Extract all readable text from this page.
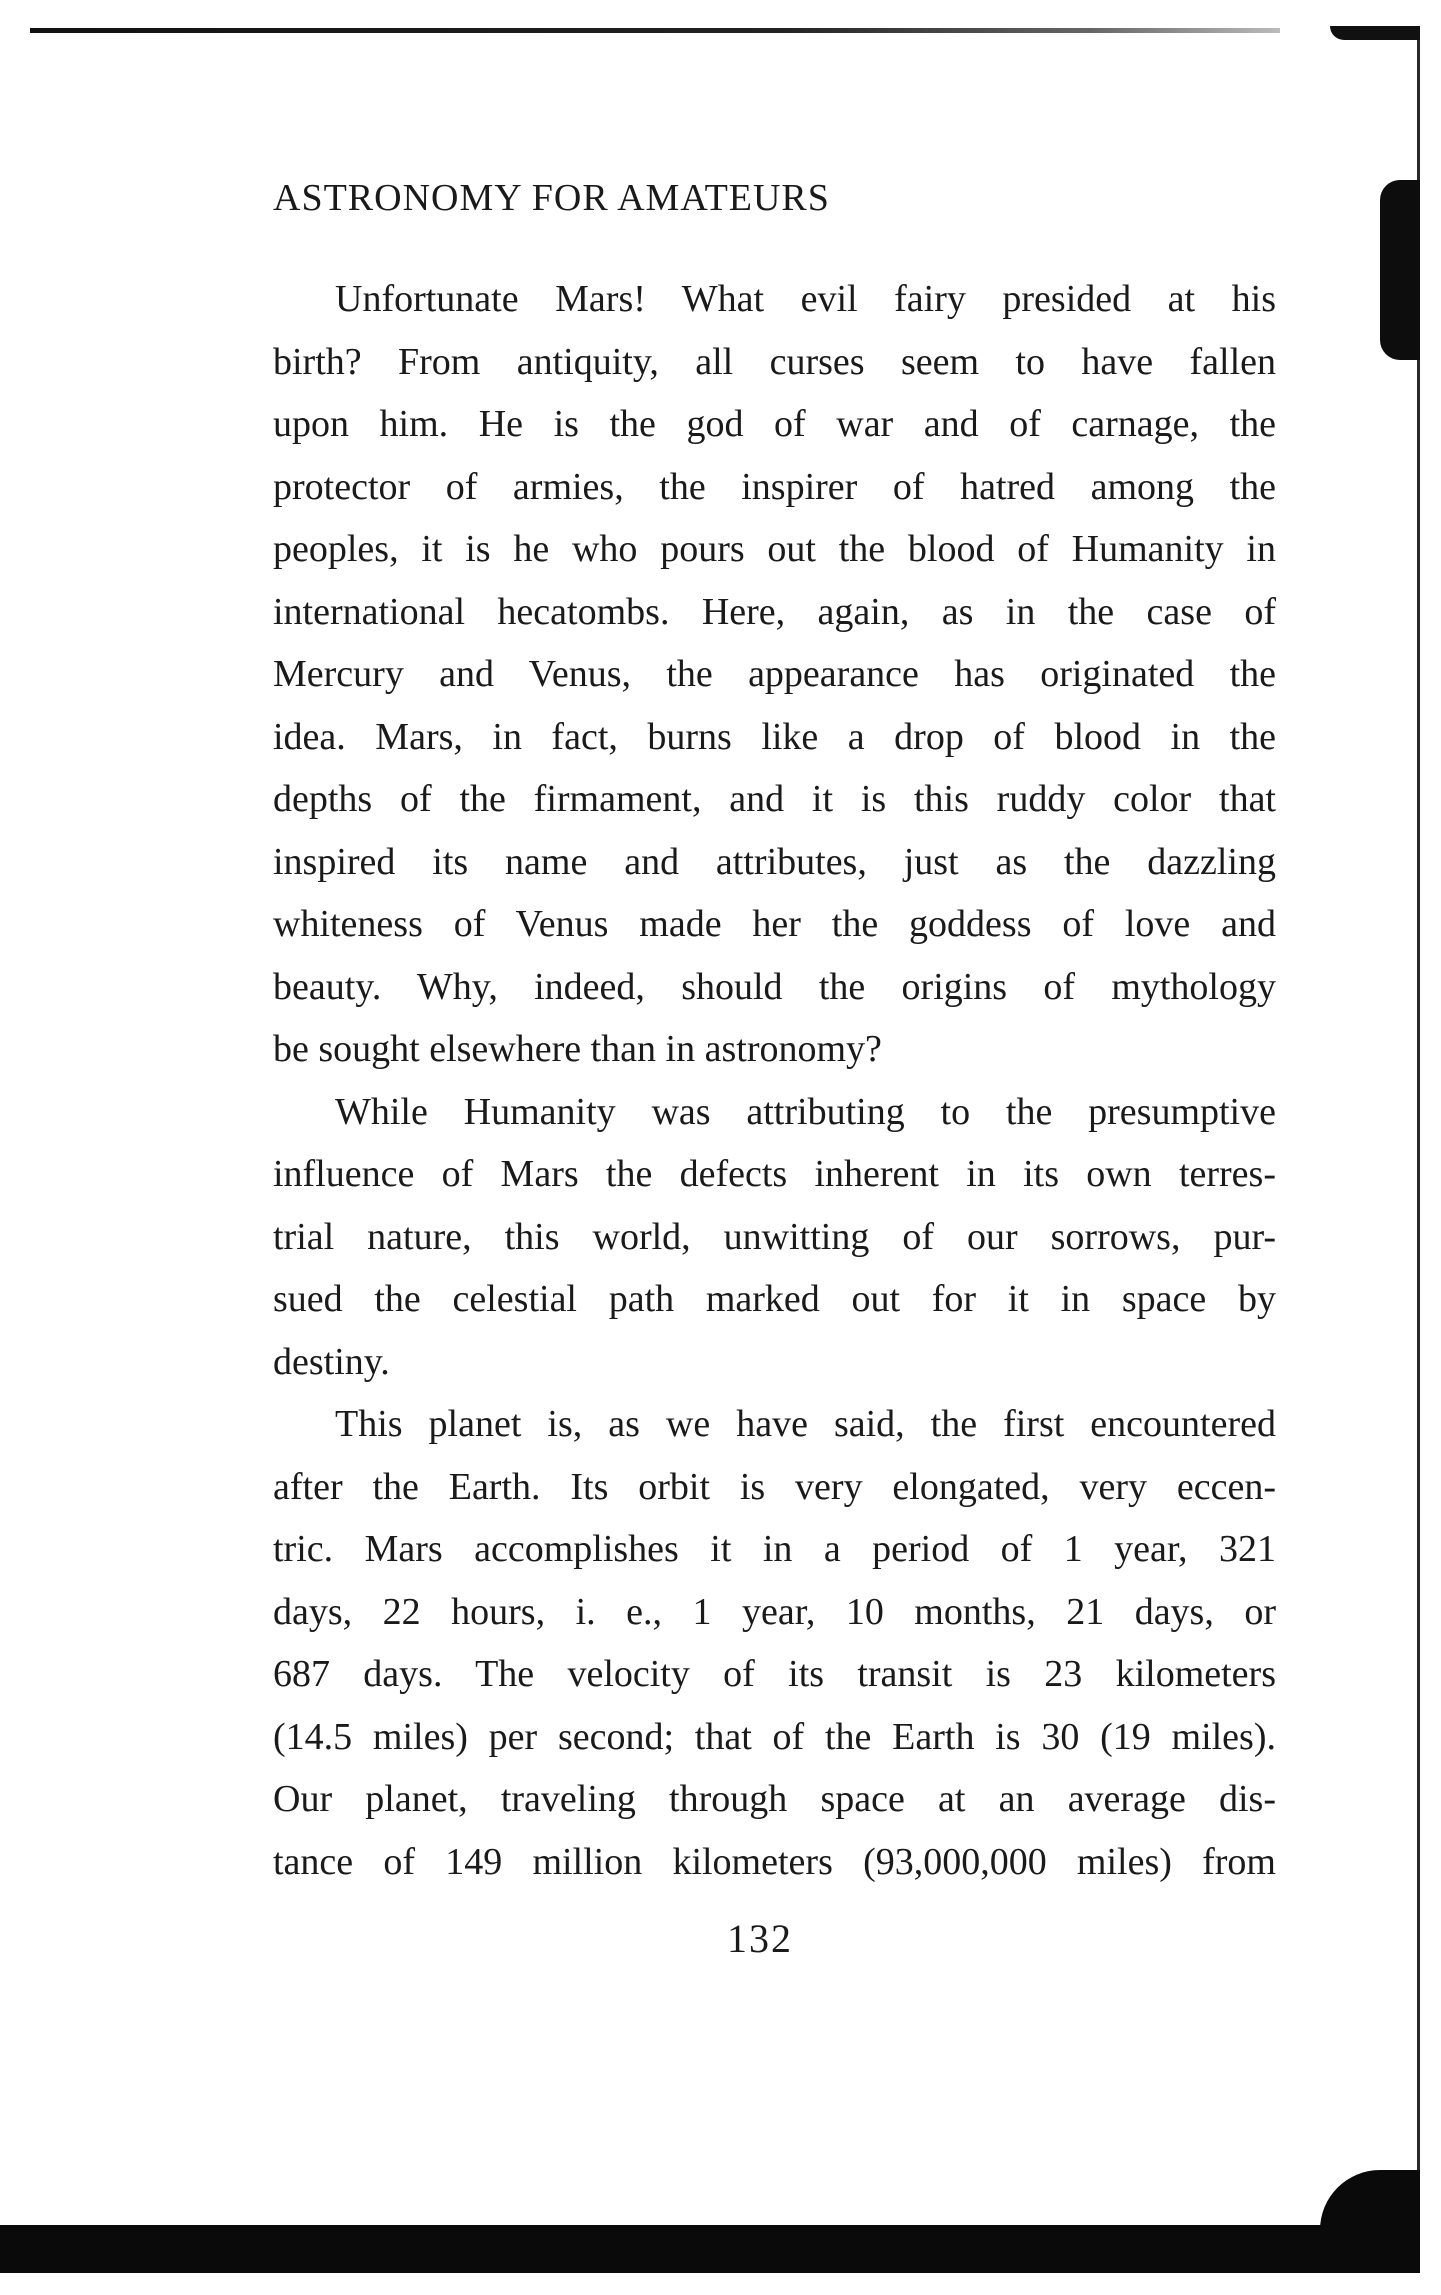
ASTRONOMY FOR AMATEURS

Unfortunate Mars! What evil fairy presided at his
birth? From antiquity, all curses seem to have fallen
upon him. He is the god of war and of carnage, the
protector of armies, the inspirer of hatred among the
peoples, it is he who pours out the blood of Humanity in
international hecatombs. Here, again, as in the case of
Mercury and Venus, the appearance has originated the
idea. Mars, in fact, burns like a drop of blood in the
depths of the firmament, and it is this ruddy color that
inspired its name and attributes, just as the dazzling
whiteness of Venus made her the goddess of love and
beauty. Why, indeed, should the origins of mythology
be sought elsewhere than in astronomy?

While Humanity was attributing to the presumptive
influence of Mars the defects inherent in its own terres-
trial nature, this world, unwitting of our sorrows, pur-
sued the celestial path marked out for it in space by
destiny.

This planet is, as we have said, the first encountered
after the Earth. Its orbit is very elongated, very eccen-
tric. Mars accomplishes it in a period of 1 year, 321
days, 22 hours, i. e., 1 year, 10 months, 21 days, or
687 days. The velocity of its transit is 23 kilometers
(14.5 miles) per second; that of the Earth is 30 (19 miles).
Our planet, traveling through space at an average dis-
tance of 149 million kilometers (93,000,000 miles) from

132
